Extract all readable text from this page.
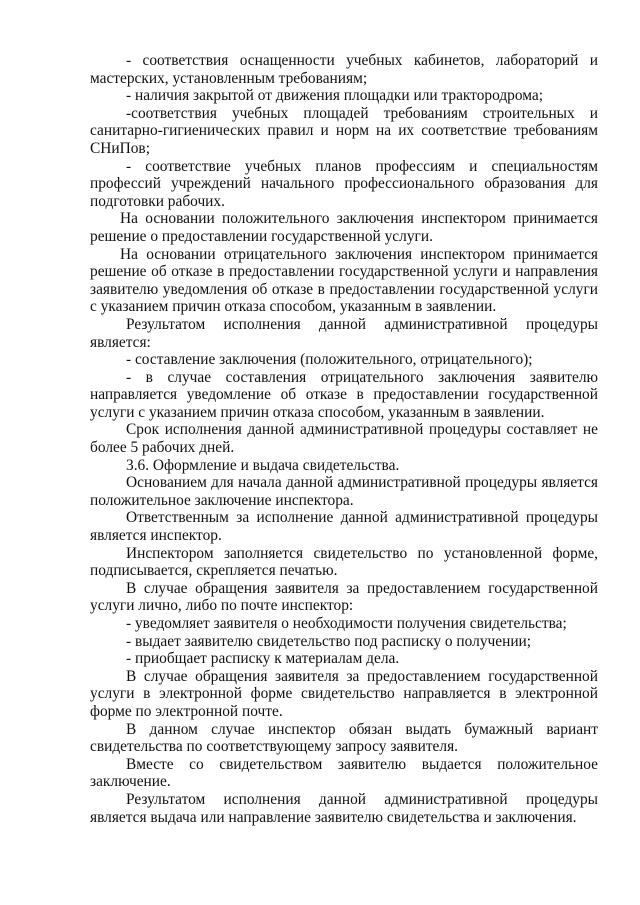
- соответствия оснащенности учебных кабинетов, лабораторий и мастерских, установленным требованиям;

- наличия закрытой от движения площадки или трактородрома;

-соответствия учебных площадей требованиям строительных и санитарно-гигиенических правил и норм на их соответствие требованиям СНиПов;

- соответствие учебных планов профессиям и специальностям профессий учреждений начального профессионального образования для подготовки рабочих.

На основании положительного заключения инспектором принимается решение о предоставлении государственной услуги.

На основании отрицательного заключения инспектором принимается решение об отказе в предоставлении государственной услуги и направления заявителю уведомления об отказе в предоставлении государственной услуги с указанием причин отказа способом, указанным в заявлении.

Результатом исполнения данной административной процедуры является:

- составление заключения (положительного, отрицательного);

- в случае составления отрицательного заключения заявителю направляется уведомление об отказе в предоставлении государственной услуги с указанием причин отказа способом, указанным в заявлении.

Срок исполнения данной административной процедуры составляет не более 5 рабочих дней.

3.6. Оформление и выдача свидетельства.

Основанием для начала данной административной процедуры является положительное заключение инспектора.

Ответственным за исполнение данной административной процедуры является инспектор.

Инспектором заполняется свидетельство по установленной форме, подписывается, скрепляется печатью.

В случае обращения заявителя за предоставлением государственной услуги лично, либо по почте инспектор:

- уведомляет заявителя о необходимости получения свидетельства;

- выдает заявителю свидетельство под расписку о получении;

- приобщает расписку к материалам дела.

В случае обращения заявителя за предоставлением государственной услуги в электронной форме свидетельство направляется в электронной форме по электронной почте.

В данном случае инспектор обязан выдать бумажный вариант свидетельства по соответствующему запросу заявителя.

Вместе со свидетельством заявителю выдается положительное заключение.

Результатом исполнения данной административной процедуры является выдача или направление заявителю свидетельства и заключения.
